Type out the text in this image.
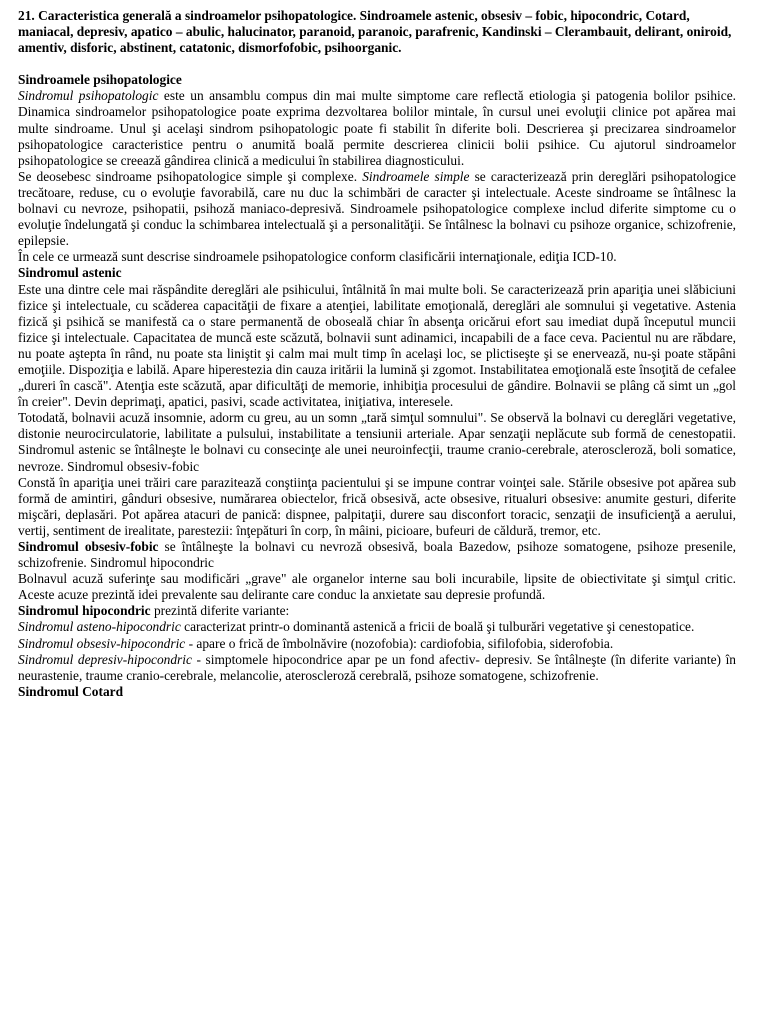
21. Caracteristica generală a sindroamelor psihopatologice. Sindroamele astenic, obsesiv – fobic, hipocondric, Cotard, maniacal, depresiv, apatico – abulic, halucinator, paranoid, paranoic, parafrenic, Kandinski – Clerambauit, delirant, oniroid, amentiv, disforic, abstinent, catatonic, dismorfofobic, psihoorganic.

Sindroamele psihopatologice

Sindromul psihopatologic este un ansamblu compus din mai multe simptome care reflectă etiologia şi patogenia bolilor psihice. Dinamica sindroamelor psihopatologice poate exprima dezvoltarea bolilor mintale, în cursul unei evoluţii clinice pot apărea mai multe sindroame. Unul şi acelaşi sindrom psihopatologic poate fi stabilit în diferite boli. Descrierea şi precizarea sindroamelor psihopatologice caracteristice pentru o anumită boală permite descrierea clinicii bolii psihice. Cu ajutorul sindroamelor psihopatologice se creează gândirea clinică a medicului în stabilirea diagnosticului.

Se deosebesc sindroame psihopatologice simple şi complexe. Sindroamele simple se caracterizează prin dereglări psihopatologice trecătoare, reduse, cu o evoluţie favorabilă, care nu duc la schimbări de caracter şi intelectuale. Aceste sindroame se întâlnesc la bolnavi cu nevroze, psihopatii, psihoză maniaco-depresivă. Sindroamele psihopatologice complexe includ diferite simptome cu o evoluţie îndelungată şi conduc la schimbarea intelectuală şi a personalităţii. Se întâlnesc la bolnavi cu psihoze organice, schizofrenie, epilepsie.

În cele ce urmează sunt descrise sindroamele psihopatologice conform clasificării internaţionale, ediţia ICD-10.

Sindromul astenic

Este una dintre cele mai răspândite dereglări ale psihicului, întâlnită în mai multe boli. Se caracterizează prin apariţia unei slăbiciuni fizice şi intelectuale, cu scăderea capacităţii de fixare a atenţiei, labilitate emoţională, dereglări ale somnului şi vegetative. Astenia fizică şi psihică se manifestă ca o stare permanentă de oboseală chiar în absenţa oricărui efort sau imediat după începutul muncii fizice şi intelectuale. Capacitatea de muncă este scăzută, bolnavii sunt adinamici, incapabili de a face ceva. Pacientul nu are răbdare, nu poate aştepta în rând, nu poate sta liniştit şi calm mai mult timp în acelaşi loc, se plictiseşte şi se enervează, nu-şi poate stăpâni emoţiile. Dispoziţia e labilă. Apare hiperestezia din cauza iritării la lumină şi zgomot. Instabilitatea emoţională este însoţită de cefalee „dureri în cască". Atenţia este scăzută, apar dificultăţi de memorie, inhibiţia procesului de gândire. Bolnavii se plâng că simt un „gol în creier". Devin deprimaţi, apatici, pasivi, scade activitatea, iniţiativa, interesele.

Totodată, bolnavii acuză insomnie, adorm cu greu, au un somn „tară simţul somnului". Se observă la bolnavi cu dereglări vegetative, distonie neurocirculatorie, labilitate a pulsului, instabilitate a tensiunii arteriale. Apar senzaţii neplăcute sub formă de cenestopatii. Sindromul astenic se întâlneşte le bolnavi cu consecinţe ale unei neuroinfecţii, traume cranio-cerebrale, ateroscleroză, boli somatice, nevroze. Sindromul obsesiv-fobic

Constă în apariţia unei trăiri care parazitează conştiinţa pacientului şi se impune contrar voinţei sale. Stările obsesive pot apărea sub formă de amintiri, gânduri obsesive, numărarea obiectelor, frică obsesivă, acte obsesive, ritualuri obsesive: anumite gesturi, diferite mişcări, deplasări. Pot apărea atacuri de panică: dispnee, palpitaţii, durere sau disconfort toracic, senzaţii de insuficienţă a aerului, vertij, sentiment de irealitate, parestezii: înţepături în corp, în mâini, picioare, bufeuri de căldură, tremor, etc.

Sindromul obsesiv-fobic se întâlneşte la bolnavi cu nevroză obsesivă, boala Bazedow, psihoze somatogene, psihoze presenile, schizofrenie. Sindromul hipocondric

Bolnavul acuză suferinţe sau modificări „grave" ale organelor interne sau boli incurabile, lipsite de obiectivitate şi simţul critic. Aceste acuze prezintă idei prevalente sau delirante care conduc la anxietate sau depresie profundă.

Sindromul hipocondric prezintă diferite variante:

Sindromul asteno-hipocondric caracterizat printr-o dominantă astenică a fricii de boală şi tulburări vegetative şi cenestopatice.

Sindromul obsesiv-hipocondric - apare o frică de îmbolnăvire (nozofobia): cardiofobia, sifilofobia, siderofobia.

Sindromul depresiv-hipocondric - simptomele hipocondrice apar pe un fond afectiv- depresiv. Se întâlneşte (în diferite variante) în neurastenie, traume cranio-cerebrale, melancolie, ateroscleroză cerebrală, psihoze somatogene, schizofrenie.

Sindromul Cotard
